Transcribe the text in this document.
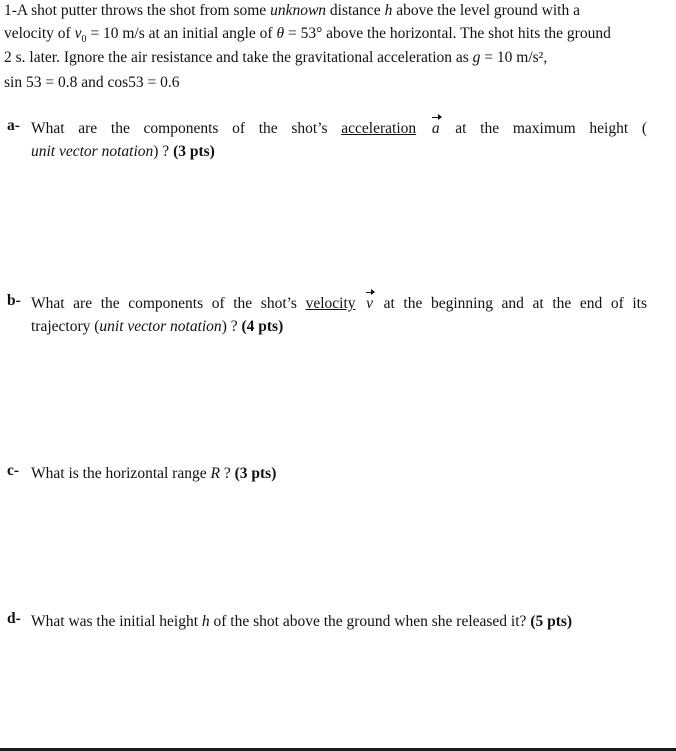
1-A shot putter throws the shot from some unknown distance h above the level ground with a
velocity of $v_0 = 10$ m/s at an initial angle of θ = 53° above the horizontal. The shot hits the ground
2 s. later. Ignore the air resistance and take the gravitational acceleration as g = 10 m/s²,
sin 53 = 0.8 and cos53 = 0.6
a- What are the components of the shot’s acceleration a at the maximum height (
unit vector notation) ? (3 pts)
b- What are the components of the shot’s velocity v at the beginning and at the end of its
trajectory (unit vector notation) ? (4 pts)
c- What is the horizontal range R ? (3 pts)
d- What was the initial height h of the shot above the ground when she released it? (5 pts)
